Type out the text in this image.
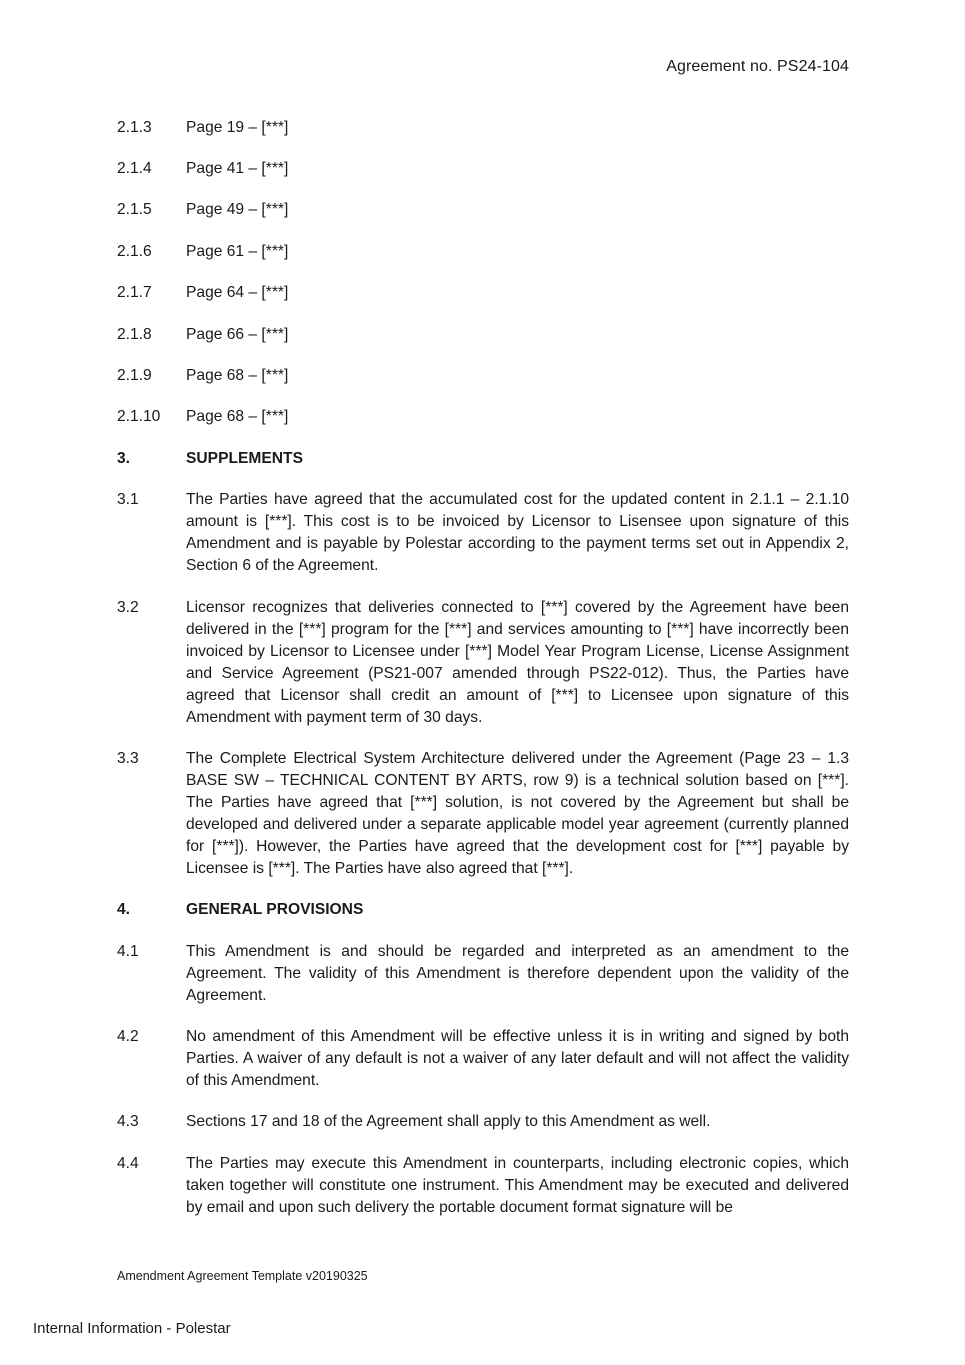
Agreement no. PS24-104
2.1.3 Page 19 – [***]
2.1.4 Page 41 – [***]
2.1.5 Page 49 – [***]
2.1.6 Page 61 – [***]
2.1.7 Page 64 – [***]
2.1.8 Page 66 – [***]
2.1.9 Page 68 – [***]
2.1.10 Page 68 – [***]
3.	SUPPLEMENTS
3.1	The Parties have agreed that the accumulated cost for the updated content in 2.1.1 – 2.1.10 amount is [***]. This cost is to be invoiced by Licensor to Lisensee upon signature of this Amendment and is payable by Polestar according to the payment terms set out in Appendix 2, Section 6 of the Agreement.
3.2	Licensor recognizes that deliveries connected to [***] covered by the Agreement have been delivered in the [***] program for the [***] and services amounting to [***] have incorrectly been invoiced by Licensor to Licensee under [***] Model Year Program License, License Assignment and Service Agreement (PS21-007 amended through PS22-012). Thus, the Parties have agreed that Licensor shall credit an amount of [***] to Licensee upon signature of this Amendment with payment term of 30 days.
3.3	The Complete Electrical System Architecture delivered under the Agreement (Page 23 – 1.3 BASE SW – TECHNICAL CONTENT BY ARTS, row 9) is a technical solution based on [***]. The Parties have agreed that [***] solution, is not covered by the Agreement but shall be developed and delivered under a separate applicable model year agreement (currently planned for [***]). However, the Parties have agreed that the development cost for [***] payable by Licensee is [***]. The Parties have also agreed that [***].
4.	GENERAL PROVISIONS
4.1	This Amendment is and should be regarded and interpreted as an amendment to the Agreement. The validity of this Amendment is therefore dependent upon the validity of the Agreement.
4.2	No amendment of this Amendment will be effective unless it is in writing and signed by both Parties. A waiver of any default is not a waiver of any later default and will not affect the validity of this Amendment.
4.3	Sections 17 and 18 of the Agreement shall apply to this Amendment as well.
4.4	The Parties may execute this Amendment in counterparts, including electronic copies, which taken together will constitute one instrument. This Amendment may be executed and delivered by email and upon such delivery the portable document format signature will be
Amendment Agreement Template v20190325
Internal Information - Polestar
